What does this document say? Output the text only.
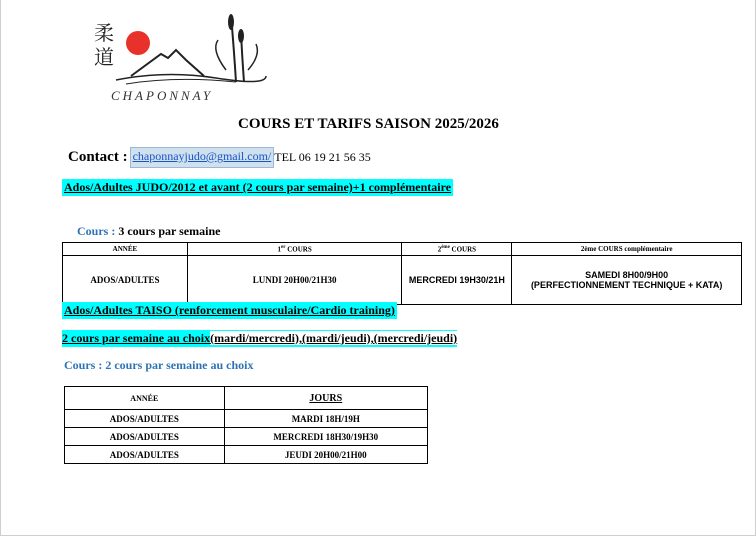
柔
道
CHAPONNAY
COURS ET TARIFS SAISON 2025/2026
Contact : chaponnayjudo@gmail.com/ TEL 06 19 21 56 35
Ados/Adultes JUDO/2012 et avant (2 cours par semaine)+1 complémentaire
Cours : 3 cours par semaine
ANNÉE	1er COURS	2ème COURS	2ème COURS complémentaire
ADOS/ADULTES	LUNDI 20H00/21H30	MERCREDI 19H30/21H	SAMEDI 8H00/9H00
(PERFECTIONNEMENT TECHNIQUE + KATA)
Ados/Adultes TAISO (renforcement musculaire/Cardio training)
2 cours par semaine au choix(mardi/mercredi),(mardi/jeudi),(mercredi/jeudi)
Cours : 2 cours par semaine au choix
ANNÉE	JOURS
ADOS/ADULTES	MARDI 18H/19H
ADOS/ADULTES	MERCREDI 18H30/19H30
ADOS/ADULTES	JEUDI 20H00/21H00
